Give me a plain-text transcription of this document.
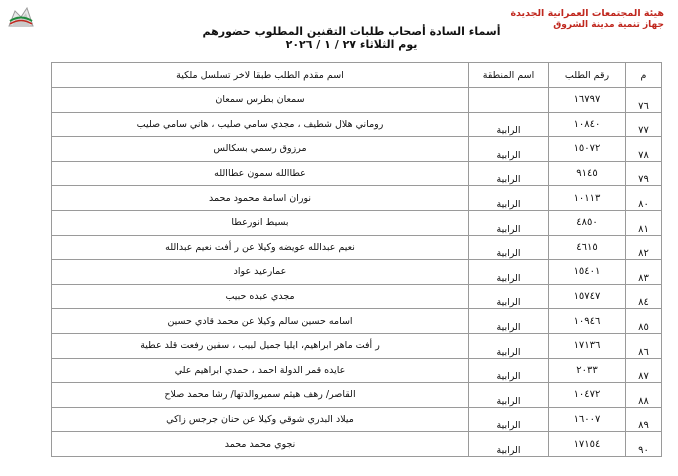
هيئة المجتمعات العمرانية الجديدة
جهاز تنمية مدينة الشروق
أسماء السادة أصحاب طلبات التقنين المطلوب حضورهم
يوم الثلاثاء ٢٧ / ١ / ٢٠٢٦
م	رقم الطلب	اسم المنطقة	اسم مقدم الطلب طبقا لاخر تسلسل ملكية
٧٦	١٦٧٩٧		سمعان بطرس سمعان
٧٧	١٠٨٤٠	الرابية	روماني هلال شطيف ، مجدي سامي صليب ، هاني سامي صليب
٧٨	١٥٠٧٢	الرابية	مرزوق رسمي بسكالس
٧٩	٩١٤٥	الرابية	عطاالله سمون عطاالله
٨٠	١٠١١٣	الرابية	نوران اسامة محمود محمد
٨١	٤٨٥٠	الرابية	بسيط انورعطا
٨٢	٤٦١٥	الرابية	نعيم عبدالله عويضه وكيلا عن ر أفت نعيم عبدالله
٨٣	١٥٤٠١	الرابية	عمارعيد عواد
٨٤	١٥٧٤٧	الرابية	مجدي عبده حبيب
٨٥	١٠٩٤٦	الرابية	اسامه حسين سالم وكيلا عن محمد قادي حسين
٨٦	١٧١٣٦	الرابية	ر أفت ماهر ابراهيم، ايليا جميل لبيب ، سفين رفعت قلد عطية
٨٧	٢٠٣٣	الرابية	عايده قمر الدولة احمد ، حمدي ابراهيم علي
٨٨	١٠٤٧٢	الرابية	القاصر/ رهف هيثم سميروالدتها/ رشا محمد صلاح
٨٩	١٦٠٠٧	الرابية	ميلاد البدري شوقي وكيلا عن حنان جرجس زاكي
٩٠	١٧١٥٤	الرابية	نجوي محمد محمد
